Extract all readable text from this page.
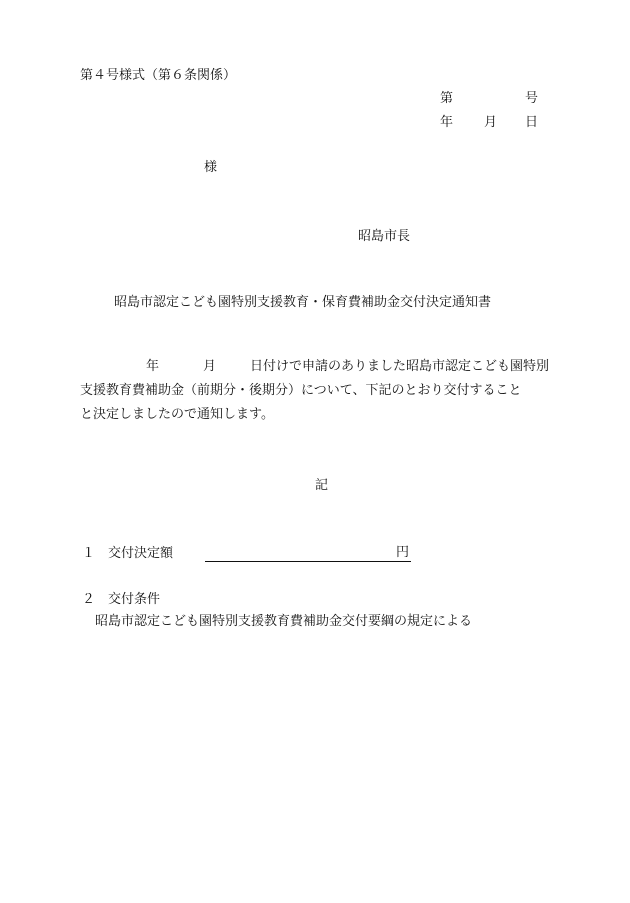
第４号様式（第６条関係）
第	号
年 月 日
様
昭島市長
昭島市認定こども園特別支援教育・保育費補助金交付決定通知書
年	月	日付けで申請のありました昭島市認定こども園特別
支援教育費補助金（前期分・後期分）について、下記のとおり交付すること
と決定しましたので通知します。
記
１ 交付決定額	円
２ 交付条件
昭島市認定こども園特別支援教育費補助金交付要綱の規定による
